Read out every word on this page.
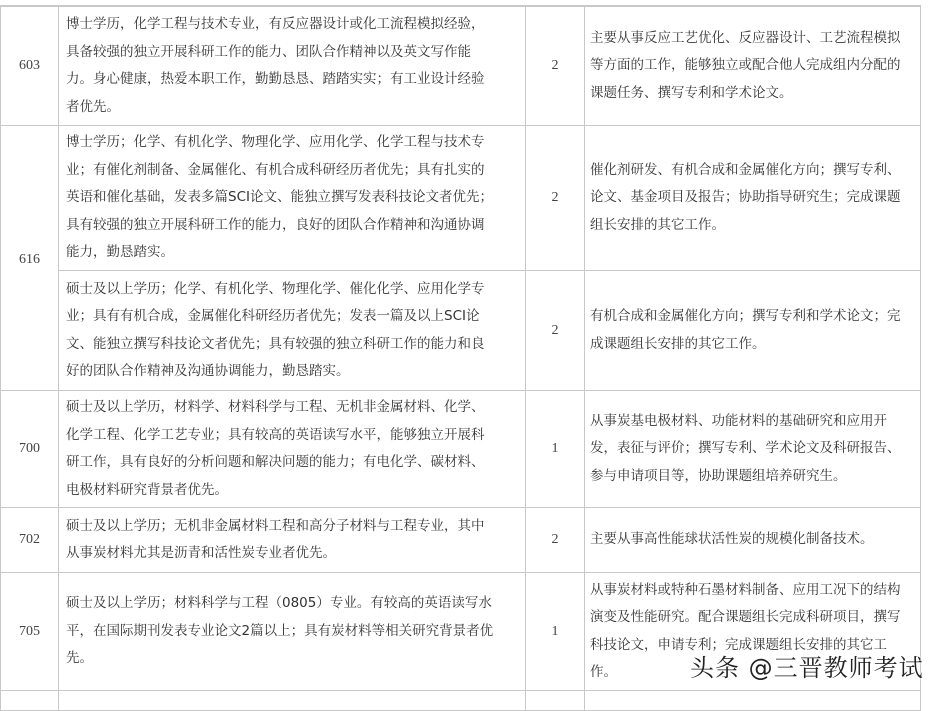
603	博士学历，化学工程与技术专业，有反应器设计或化工流程模拟经验，
具备较强的独立开展科研工作的能力、团队合作精神以及英文写作能
力。身心健康，热爱本职工作，勤勤恳恳、踏踏实实；有工业设计经验
者优先。	2	主要从事反应工艺优化、反应器设计、工艺流程模拟
等方面的工作，能够独立或配合他人完成组内分配的
课题任务、撰写专利和学术论文。

616	博士学历；化学、有机化学、物理化学、应用化学、化学工程与技术专
业；有催化剂制备、金属催化、有机合成科研经历者优先；具有扎实的
英语和催化基础，发表多篇SCI论文、能独立撰写发表科技论文者优先；
具有较强的独立开展科研工作的能力，良好的团队合作精神和沟通协调
能力，勤恳踏实。	2	催化剂研发、有机合成和金属催化方向；撰写专利、
论文、基金项目及报告；协助指导研究生；完成课题
组长安排的其它工作。

	硕士及以上学历；化学、有机化学、物理化学、催化化学、应用化学专
业；具有有机合成，金属催化科研经历者优先；发表一篇及以上SCI论
文、能独立撰写科技论文者优先；具有较强的独立科研工作的能力和良
好的团队合作精神及沟通协调能力，勤恳踏实。	2	有机合成和金属催化方向；撰写专利和学术论文；完
成课题组长安排的其它工作。

700	硕士及以上学历，材料学、材料科学与工程、无机非金属材料、化学、
化学工程、化学工艺专业；具有较高的英语读写水平，能够独立开展科
研工作，具有良好的分析问题和解决问题的能力；有电化学、碳材料、
电极材料研究背景者优先。	1	从事炭基电极材料、功能材料的基础研究和应用开
发，表征与评价；撰写专利、学术论文及科研报告、
参与申请项目等，协助课题组培养研究生。

702	硕士及以上学历；无机非金属材料工程和高分子材料与工程专业，其中
从事炭材料尤其是沥青和活性炭专业者优先。	2	主要从事高性能球状活性炭的规模化制备技术。

705	硕士及以上学历；材料科学与工程（0805）专业。有较高的英语读写水
平，在国际期刊发表专业论文2篇以上；具有炭材料等相关研究背景者优
先。	1	从事炭材料或特种石墨材料制备、应用工况下的结构
演变及性能研究。配合课题组长完成科研项目，撰写
科技论文，申请专利；完成课题组长安排的其它工
作。

				头条 @三晋教师考试
